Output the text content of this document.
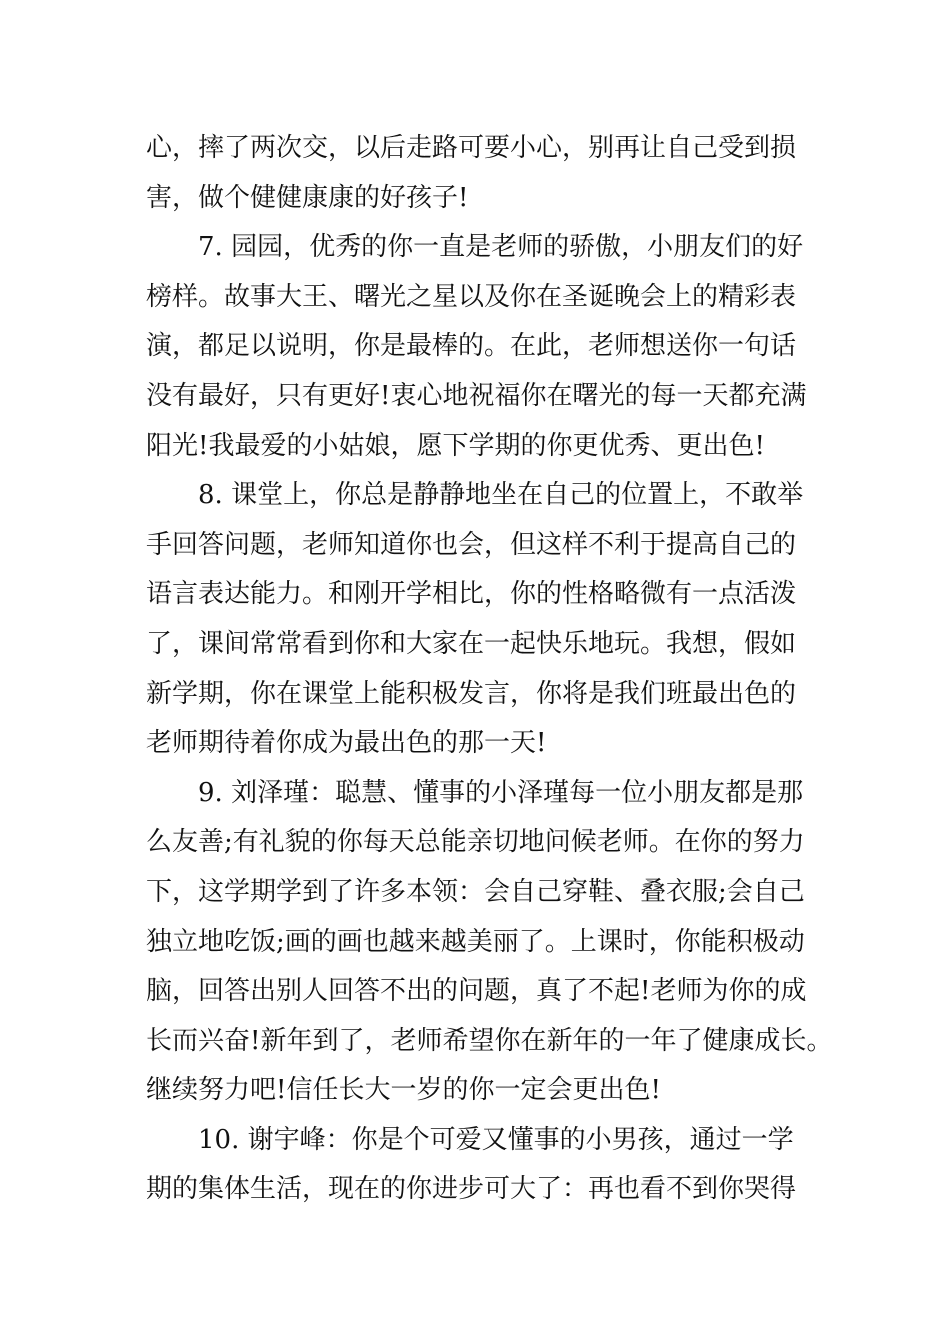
心，摔了两次交，以后走路可要小心，别再让自己受到损
害，做个健健康康的好孩子!
7. 园园，优秀的你一直是老师的骄傲，小朋友们的好
榜样。故事大王、曙光之星以及你在圣诞晚会上的精彩表
演，都足以说明，你是最棒的。在此，老师想送你一句话
没有最好，只有更好!衷心地祝福你在曙光的每一天都充满
阳光!我最爱的小姑娘，愿下学期的你更优秀、更出色!
8. 课堂上，你总是静静地坐在自己的位置上，不敢举
手回答问题，老师知道你也会，但这样不利于提高自己的
语言表达能力。和刚开学相比，你的性格略微有一点活泼
了，课间常常看到你和大家在一起快乐地玩。我想，假如
新学期，你在课堂上能积极发言，你将是我们班最出色的
老师期待着你成为最出色的那一天!
9. 刘泽瑾：聪慧、懂事的小泽瑾每一位小朋友都是那
么友善;有礼貌的你每天总能亲切地问候老师。在你的努力
下，这学期学到了许多本领：会自己穿鞋、叠衣服;会自己
独立地吃饭;画的画也越来越美丽了。上课时，你能积极动
脑，回答出别人回答不出的问题，真了不起!老师为你的成
长而兴奋!新年到了，老师希望你在新年的一年了健康成长。
继续努力吧!信任长大一岁的你一定会更出色!
10. 谢宇峰：你是个可爱又懂事的小男孩，通过一学
期的集体生活，现在的你进步可大了：再也看不到你哭得
